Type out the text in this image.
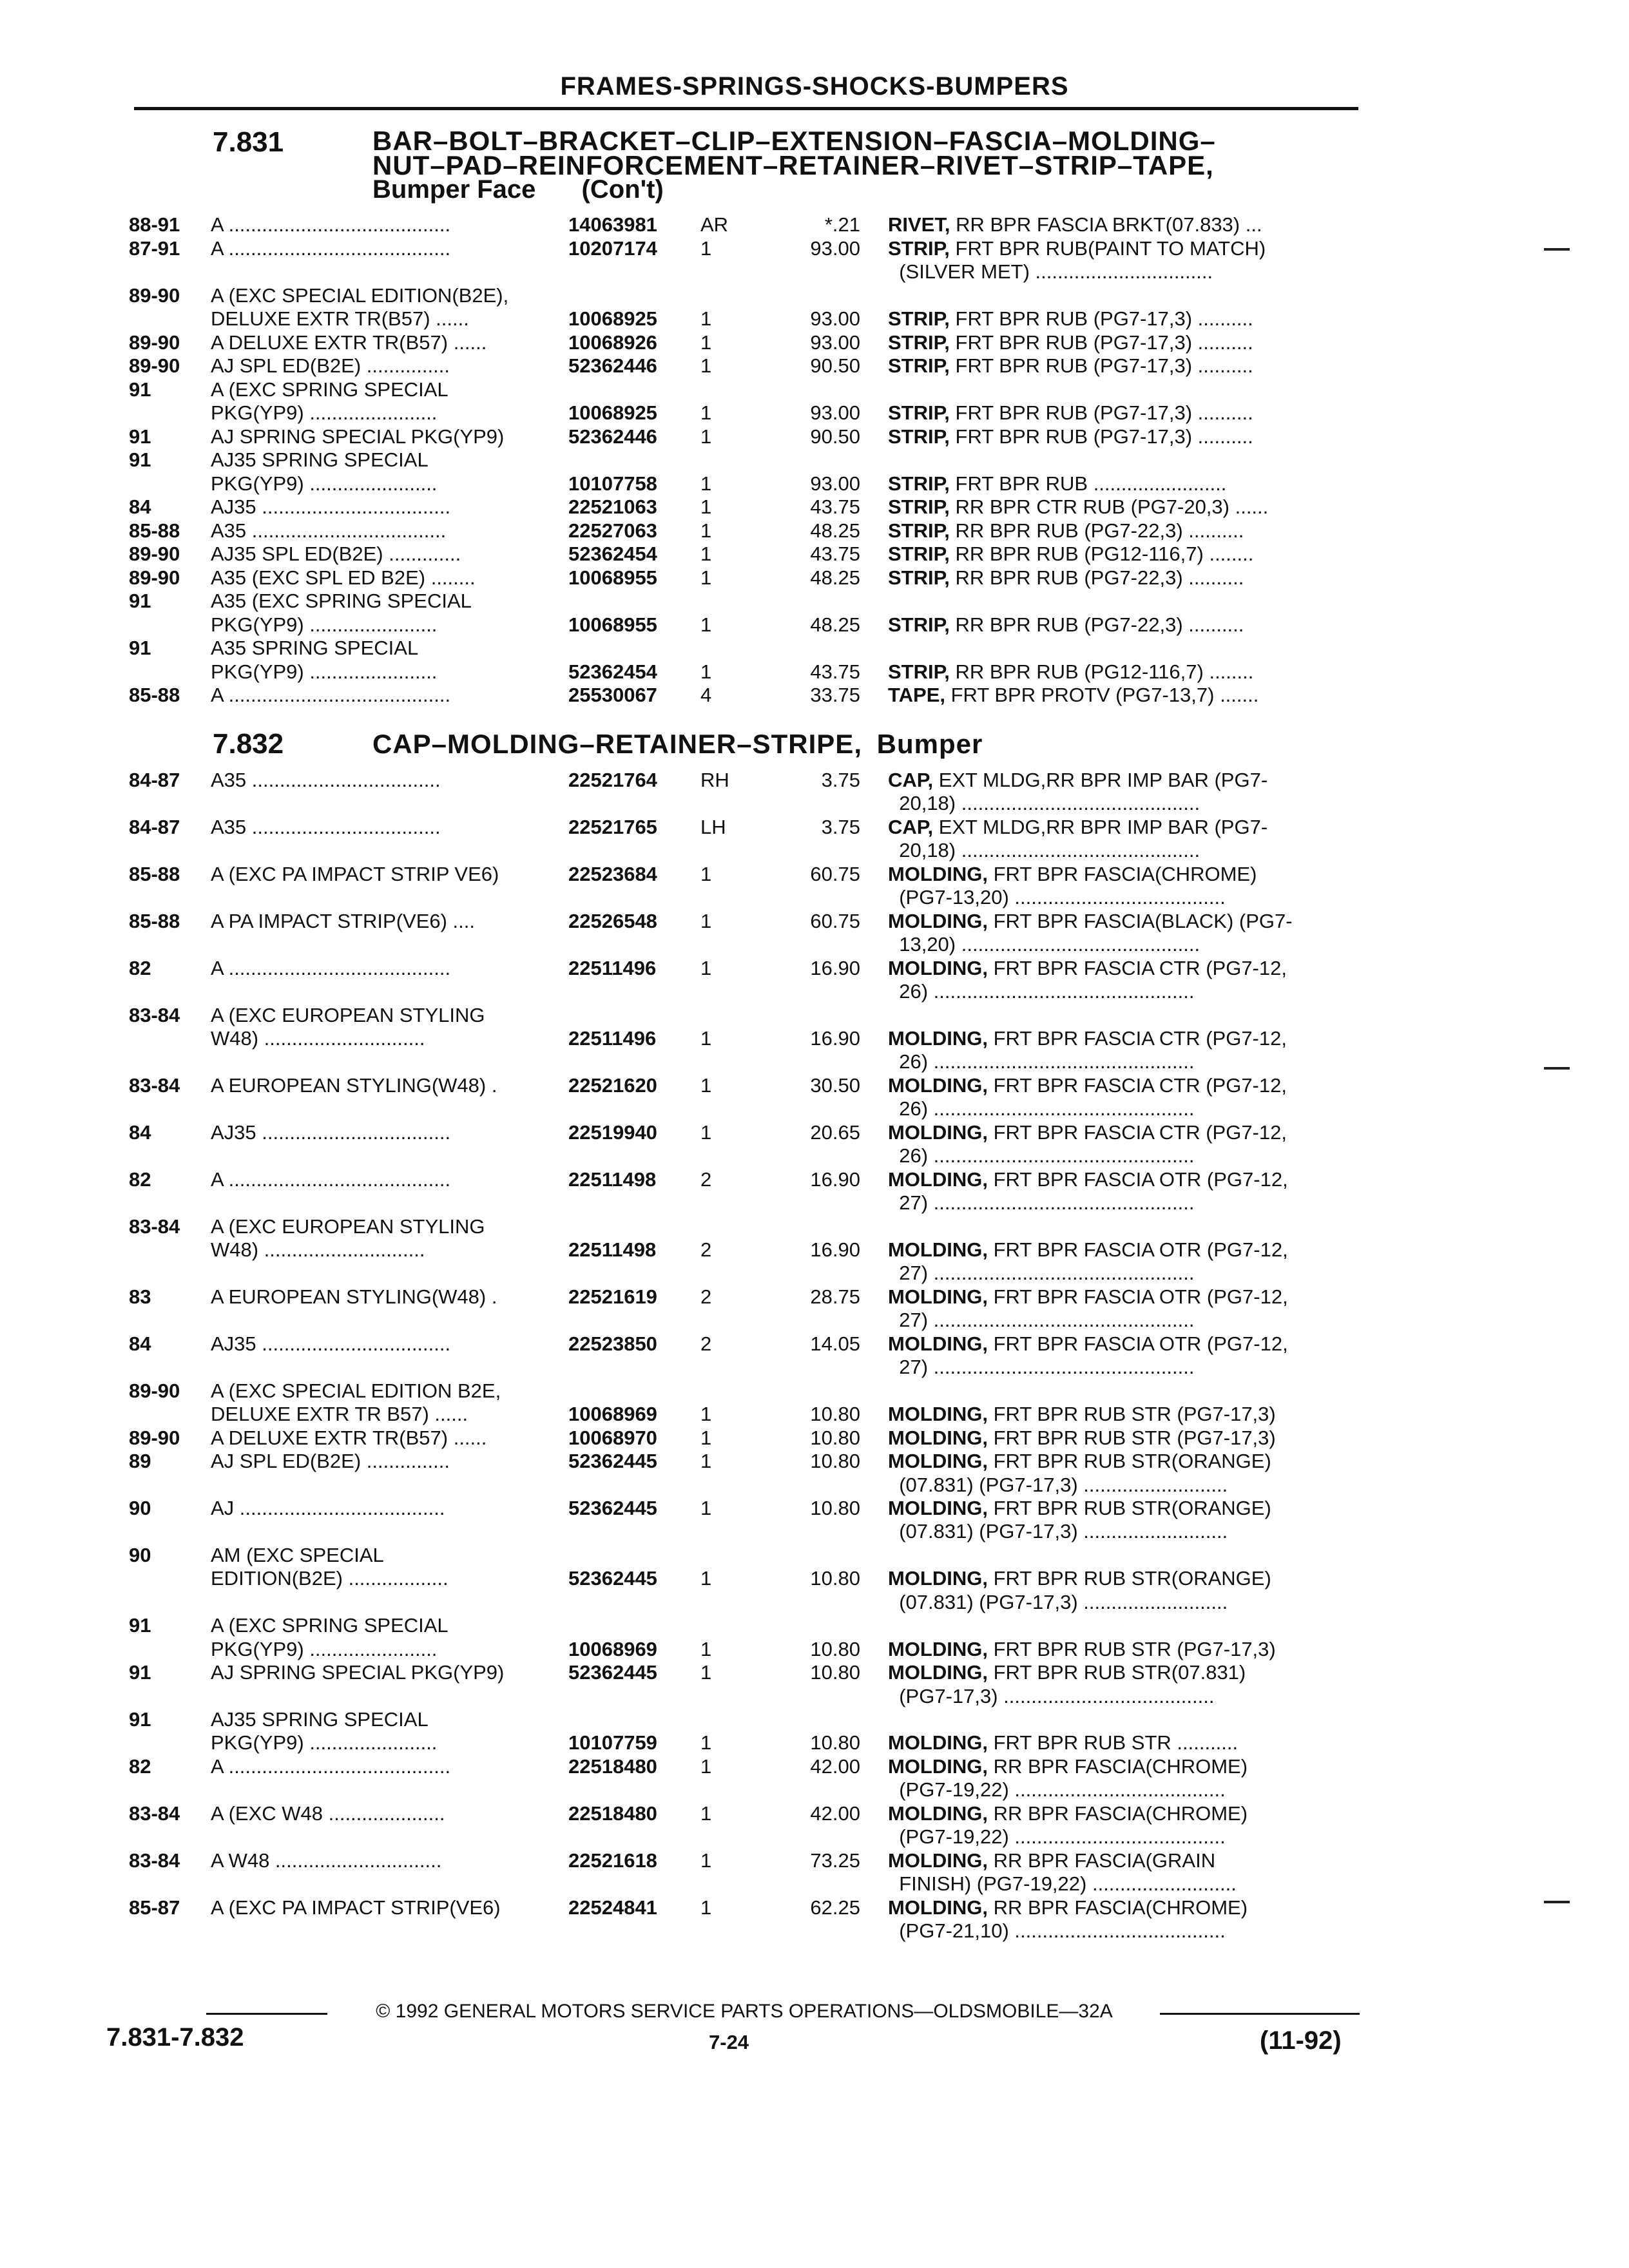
FRAMES-SPRINGS-SHOCKS-BUMPERS
7.831	BAR–BOLT–BRACKET–CLIP–EXTENSION–FASCIA–MOLDING–
NUT–PAD–REINFORCEMENT–RETAINER–RIVET–STRIP–TAPE,
Bumper Face (Con't)
88-91 A ........................................	14063981 AR	*.21 RIVET, RR BPR FASCIA BRKT(07.833) ...
87-91 A ........................................	10207174 1	93.00 STRIP, FRT BPR RUB(PAINT TO MATCH)
(SILVER MET) ................................
89-90 A (EXC SPECIAL EDITION(B2E),
DELUXE EXTR TR(B57) ......	10068925 1	93.00 STRIP, FRT BPR RUB (PG7-17,3) ..........
89-90 A DELUXE EXTR TR(B57) ......	10068926 1	93.00 STRIP, FRT BPR RUB (PG7-17,3) ..........
89-90 AJ SPL ED(B2E) ...............	52362446 1	90.50 STRIP, FRT BPR RUB (PG7-17,3) ..........
91	A (EXC SPRING SPECIAL
PKG(YP9) .......................	10068925 1	93.00 STRIP, FRT BPR RUB (PG7-17,3) ..........
91	AJ SPRING SPECIAL PKG(YP9)	52362446 1	90.50 STRIP, FRT BPR RUB (PG7-17,3) ..........
91	AJ35 SPRING SPECIAL
PKG(YP9) .......................	10107758 1	93.00 STRIP, FRT BPR RUB ........................
84	AJ35 ..................................	22521063 1	43.75 STRIP, RR BPR CTR RUB (PG7-20,3) ......
85-88 A35 ...................................	22527063 1	48.25 STRIP, RR BPR RUB (PG7-22,3) ..........
89-90 AJ35 SPL ED(B2E) .............	52362454 1	43.75 STRIP, RR BPR RUB (PG12-116,7) ........
89-90 A35 (EXC SPL ED B2E) ........	10068955 1	48.25 STRIP, RR BPR RUB (PG7-22,3) ..........
91	A35 (EXC SPRING SPECIAL
PKG(YP9) .......................	10068955 1	48.25 STRIP, RR BPR RUB (PG7-22,3) ..........
91	A35 SPRING SPECIAL
PKG(YP9) .......................	52362454 1	43.75 STRIP, RR BPR RUB (PG12-116,7) ........
85-88 A ........................................	25530067 4	33.75 TAPE, FRT BPR PROTV (PG7-13,7) .......
7.832	CAP–MOLDING–RETAINER–STRIPE, Bumper
84-87 A35 ..................................	22521764 RH	3.75 CAP, EXT MLDG,RR BPR IMP BAR (PG7-
20,18) ...........................................
84-87 A35 ..................................	22521765 LH	3.75 CAP, EXT MLDG,RR BPR IMP BAR (PG7-
20,18) ...........................................
85-88 A (EXC PA IMPACT STRIP VE6)	22523684 1	60.75 MOLDING, FRT BPR FASCIA(CHROME)
(PG7-13,20) ......................................
85-88 A PA IMPACT STRIP(VE6) ....	22526548 1	60.75 MOLDING, FRT BPR FASCIA(BLACK) (PG7-
13,20) ...........................................
82	A ........................................	22511496 1	16.90 MOLDING, FRT BPR FASCIA CTR (PG7-12,
26) ...............................................
83-84 A (EXC EUROPEAN STYLING
W48) .............................	22511496 1	16.90 MOLDING, FRT BPR FASCIA CTR (PG7-12,
26) ...............................................
83-84 A EUROPEAN STYLING(W48) .	22521620 1	30.50 MOLDING, FRT BPR FASCIA CTR (PG7-12,
26) ...............................................
84	AJ35 ..................................	22519940 1	20.65 MOLDING, FRT BPR FASCIA CTR (PG7-12,
26) ...............................................
82	A ........................................	22511498 2	16.90 MOLDING, FRT BPR FASCIA OTR (PG7-12,
27) ...............................................
83-84 A (EXC EUROPEAN STYLING
W48) .............................	22511498 2	16.90 MOLDING, FRT BPR FASCIA OTR (PG7-12,
27) ...............................................
83	A EUROPEAN STYLING(W48) .	22521619 2	28.75 MOLDING, FRT BPR FASCIA OTR (PG7-12,
27) ...............................................
84	AJ35 ..................................	22523850 2	14.05 MOLDING, FRT BPR FASCIA OTR (PG7-12,
27) ...............................................
89-90 A (EXC SPECIAL EDITION B2E,
DELUXE EXTR TR B57) ......	10068969 1	10.80 MOLDING, FRT BPR RUB STR (PG7-17,3)
89-90 A DELUXE EXTR TR(B57) ......	10068970 1	10.80 MOLDING, FRT BPR RUB STR (PG7-17,3)
89	AJ SPL ED(B2E) ...............	52362445 1	10.80 MOLDING, FRT BPR RUB STR(ORANGE)
(07.831) (PG7-17,3) ..........................
90	AJ .....................................	52362445 1	10.80 MOLDING, FRT BPR RUB STR(ORANGE)
(07.831) (PG7-17,3) ..........................
90	AM (EXC SPECIAL
EDITION(B2E) ..................	52362445 1	10.80 MOLDING, FRT BPR RUB STR(ORANGE)
(07.831) (PG7-17,3) ..........................
91	A (EXC SPRING SPECIAL
PKG(YP9) .......................	10068969 1	10.80 MOLDING, FRT BPR RUB STR (PG7-17,3)
91	AJ SPRING SPECIAL PKG(YP9)	52362445 1	10.80 MOLDING, FRT BPR RUB STR(07.831)
(PG7-17,3) ......................................
91	AJ35 SPRING SPECIAL
PKG(YP9) .......................	10107759 1	10.80 MOLDING, FRT BPR RUB STR ...........
82	A ........................................	22518480 1	42.00 MOLDING, RR BPR FASCIA(CHROME)
(PG7-19,22) ......................................
83-84 A (EXC W48 .....................	22518480 1	42.00 MOLDING, RR BPR FASCIA(CHROME)
(PG7-19,22) ......................................
83-84 A W48 ..............................	22521618 1	73.25 MOLDING, RR BPR FASCIA(GRAIN
FINISH) (PG7-19,22) ..........................
85-87 A (EXC PA IMPACT STRIP(VE6)	22524841 1	62.25 MOLDING, RR BPR FASCIA(CHROME)
(PG7-21,10) ......................................
© 1992 GENERAL MOTORS SERVICE PARTS OPERATIONS—OLDSMOBILE—32A
7.831-7.832	7-24	(11-92)
